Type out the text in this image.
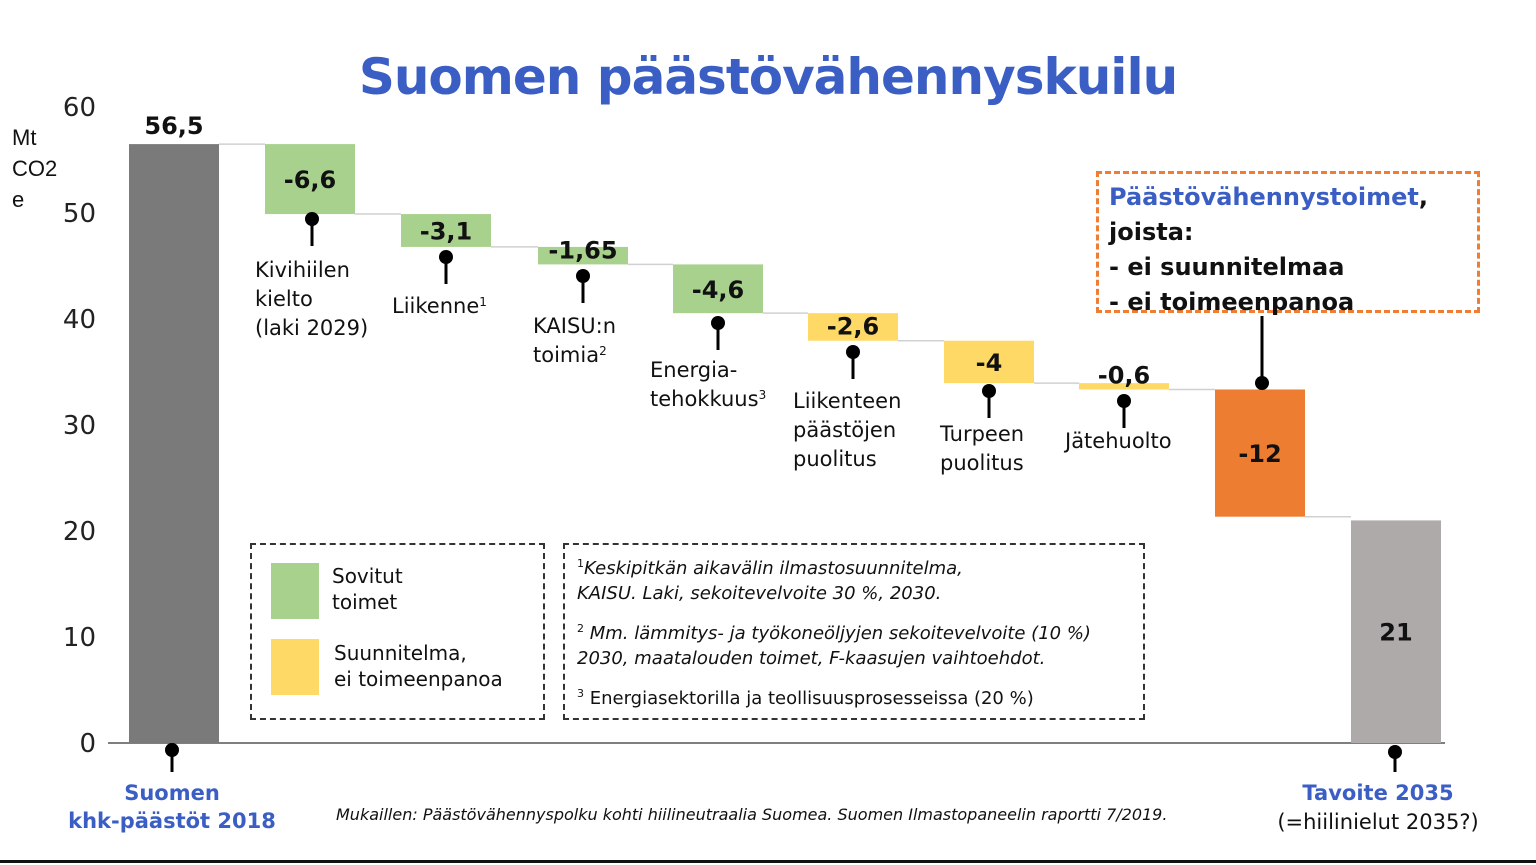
Suomen päästövähennyskuilu
Mt
CO2
e
0
10
20
30
40
50
60
56,5
-6,6
-3,1
-1,65
-4,6
-2,6
-4	-0,6
-12
21
Suomen
khk-päästöt 2018
Kivihiilen
kielto
(laki 2029)
Liikenne$^1$
KAISU:n
toimia$^2$
Energia-
tehokkuus$^3$ Liikenteen
päästöjen
puolitus
Turpeen
puolitus
Jätehuolto
Tavoite 2035
(=hiilinielut 2035?)
Päästövähennystoimet,
joista:
- ei suunnitelmaa
- ei toimeenpanoa
Sovitut
toimet
Suunnitelma,
ei toimeenpanoa

$^1$Keskipitkän aikavälin ilmastosuunnitelma,
KAISU. Laki, sekoitevelvoite 30 %, 2030.

$^2$ Mm. lämmitys- ja työkoneöljyjen sekoitevelvoite (10 %)
2030, maatalouden toimet, F-kaasujen vaihtoehdot.

$^3$ Energiasektorilla ja teollisuusprosesseissa (20 %)

Mukaillen: Päästövähennyspolku kohti hiilineutraalia Suomea. Suomen Ilmastopaneelin raportti 7/2019.
